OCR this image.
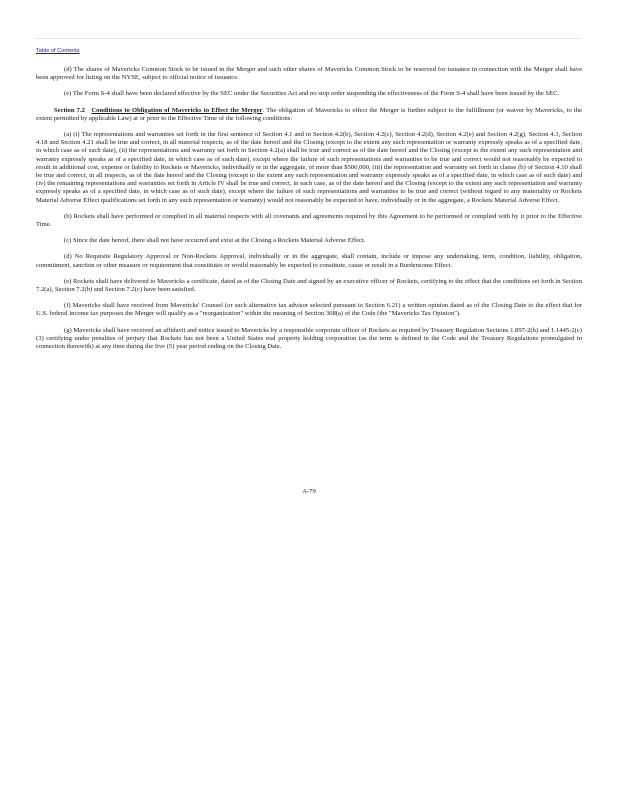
Table of Contents

(d) The shares of Mavericks Common Stock to be issued in the Merger and such other shares of Mavericks Common Stock to be reserved for issuance in connection with the Merger shall have been approved for listing on the NYSE, subject to official notice of issuance.

(e) The Form S-4 shall have been declared effective by the SEC under the Securities Act and no stop order suspending the effectiveness of the Form S-4 shall have been issued by the SEC.

Section 7.2 Conditions to Obligation of Mavericks to Effect the Merger. The obligation of Mavericks to effect the Merger is further subject to the fulfillment (or waiver by Mavericks, to the extent permitted by applicable Law) at or prior to the Effective Time of the following conditions:

(a) (i) The representations and warranties set forth in the first sentence of Section 4.1 and in Section 4.2(b), Section 4.2(c), Section 4.2(d), Section 4.2(e) and Section 4.2(g), Section 4.3, Section 4.18 and Section 4.21 shall be true and correct, in all material respects, as of the date hereof and the Closing (except to the extent any such representation or warranty expressly speaks as of a specified date, in which case as of such date), (ii) the representations and warranty set forth in Section 4.2(a) shall be true and correct as of the date hereof and the Closing (except to the extent any such representation and warranty expressly speaks as of a specified date, in which case as of such date), except where the failure of such representations and warranties to be true and correct would not reasonably be expected to result in additional cost, expense or liability to Rockets or Mavericks, individually or in the aggregate, of more than $500,000, (iii) the representation and warranty set forth in clause (b) of Section 4.10 shall be true and correct, in all respects, as of the date hereof and the Closing (except to the extent any such representation and warranty expressly speaks as of a specified date, in which case as of such date) and (iv) the remaining representations and warranties set forth in Article IV shall be true and correct, in each case, as of the date hereof and the Closing (except to the extent any such representation and warranty expressly speaks as of a specified date, in which case as of such date), except where the failure of such representations and warranties to be true and correct (without regard to any materiality or Rockets Material Adverse Effect qualifications set forth in any such representation or warranty) would not reasonably be expected to have, individually or in the aggregate, a Rockets Material Adverse Effect.

(b) Rockets shall have performed or complied in all material respects with all covenants and agreements required by this Agreement to be performed or complied with by it prior to the Effective Time.

(c) Since the date hereof, there shall not have occurred and exist at the Closing a Rockets Material Adverse Effect.

(d) No Requisite Regulatory Approval or Non-Rockets Approval, individually or in the aggregate, shall contain, include or impose any undertaking, term, condition, liability, obligation, commitment, sanction or other measure or requirement that constitutes or would reasonably be expected to constitute, cause or result in a Burdensome Effect.

(e) Rockets shall have delivered to Mavericks a certificate, dated as of the Closing Date and signed by an executive officer of Rockets, certifying to the effect that the conditions set forth in Section 7.2(a), Section 7.2(b) and Section 7.2(c) have been satisfied.

(f) Mavericks shall have received from Mavericks' Counsel (or such alternative tax advisor selected pursuant to Section 6.21) a written opinion dated as of the Closing Date to the effect that for U.S. federal income tax purposes the Merger will qualify as a "reorganization" within the meaning of Section 368(a) of the Code (the "Mavericks Tax Opinion").

(g) Mavericks shall have received an affidavit and notice issued to Mavericks by a responsible corporate officer of Rockets as required by Treasury Regulation Sections 1.897-2(h) and 1.1445-2(c)(3) certifying under penalties of perjury that Rockets has not been a United States real property holding corporation (as the term is defined in the Code and the Treasury Regulations promulgated in connection therewith) at any time during the five (5) year period ending on the Closing Date.

A-79
